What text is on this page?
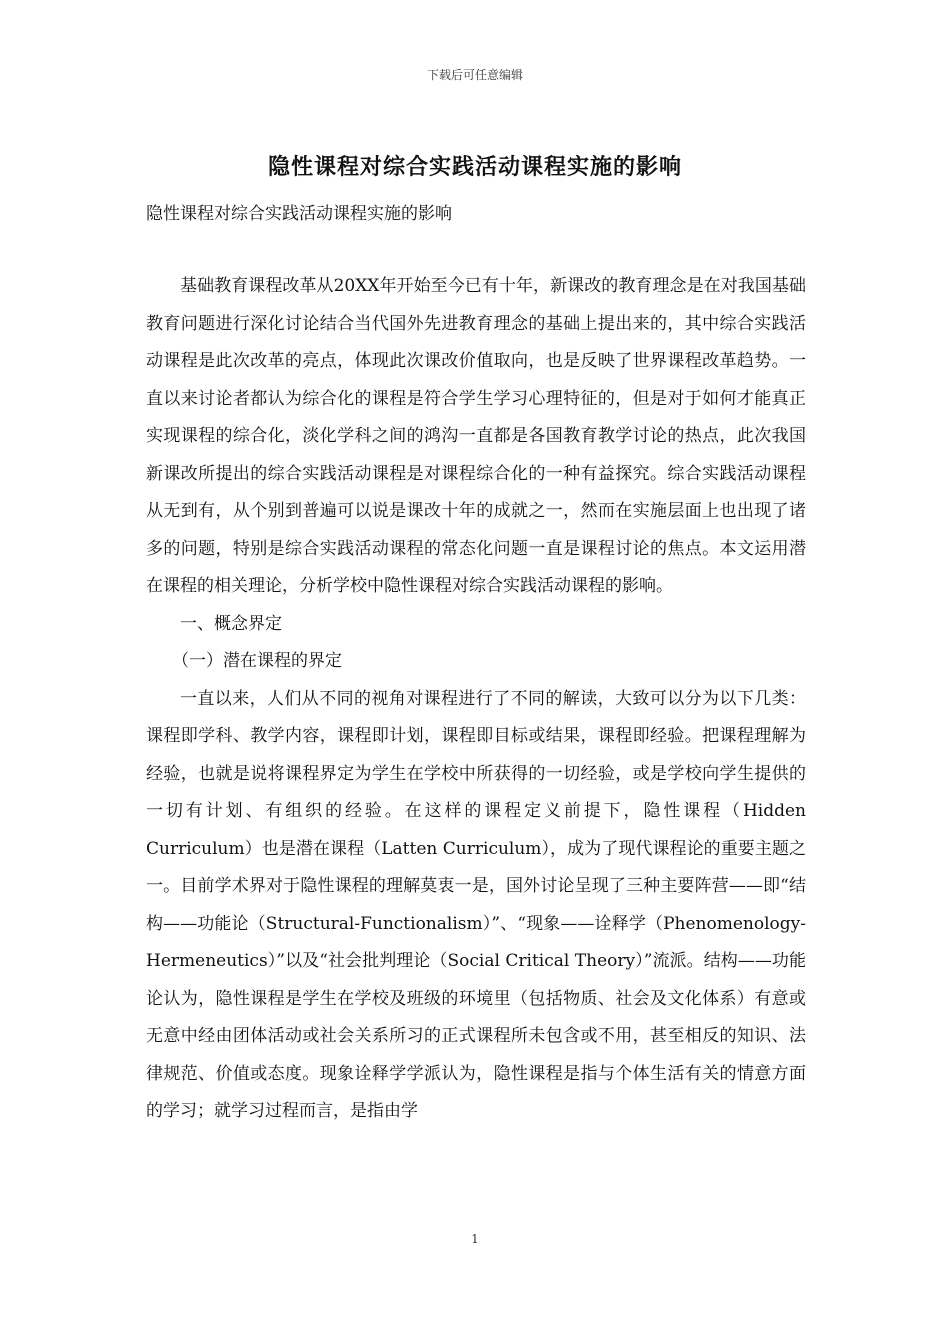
下载后可任意编辑
隐性课程对综合实践活动课程实施的影响
隐性课程对综合实践活动课程实施的影响

基础教育课程改革从20XX年开始至今已有十年，新课改的教育理念是在对我国基础教育问题进行深化讨论结合当代国外先进教育理念的基础上提出来的，其中综合实践活动课程是此次改革的亮点，体现此次课改价值取向，也是反映了世界课程改革趋势。一直以来讨论者都认为综合化的课程是符合学生学习心理特征的，但是对于如何才能真正实现课程的综合化，淡化学科之间的鸿沟一直都是各国教育教学讨论的热点，此次我国新课改所提出的综合实践活动课程是对课程综合化的一种有益探究。综合实践活动课程从无到有，从个别到普遍可以说是课改十年的成就之一，然而在实施层面上也出现了诸多的问题，特别是综合实践活动课程的常态化问题一直是课程讨论的焦点。本文运用潜在课程的相关理论，分析学校中隐性课程对综合实践活动课程的影响。

一、概念界定

（一）潜在课程的界定

一直以来，人们从不同的视角对课程进行了不同的解读，大致可以分为以下几类：课程即学科、教学内容，课程即计划，课程即目标或结果，课程即经验。把课程理解为经验，也就是说将课程界定为学生在学校中所获得的一切经验，或是学校向学生提供的一切有计划、有组织的经验。在这样的课程定义前提下，隐性课程（Hidden Curriculum）也是潜在课程（Latten Curriculum），成为了现代课程论的重要主题之一。目前学术界对于隐性课程的理解莫衷一是，国外讨论呈现了三种主要阵营——即“结构——功能论（Structural-Functionalism）”、“现象——诠释学（Phenomenology-Hermeneutics）”以及“社会批判理论（Social Critical Theory）”流派。结构——功能论认为，隐性课程是学生在学校及班级的环境里（包括物质、社会及文化体系）有意或无意中经由团体活动或社会关系所习的正式课程所未包含或不用，甚至相反的知识、法律规范、价值或态度。现象诠释学学派认为，隐性课程是指与个体生活有关的情意方面的学习；就学习过程而言，是指由学

1
